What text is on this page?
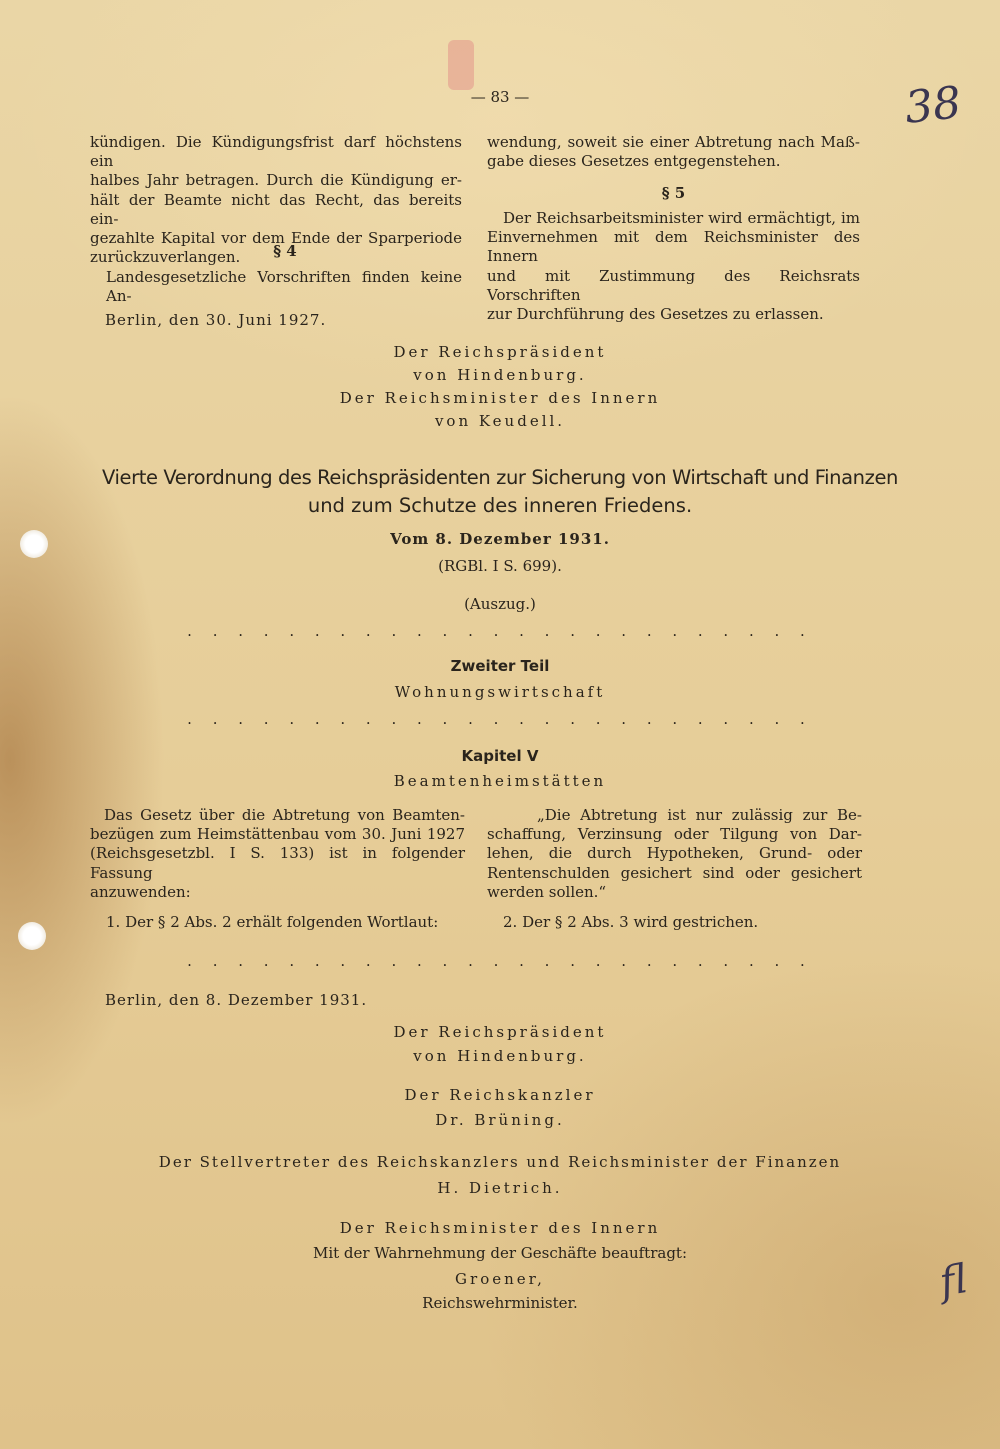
— 83 —	38
kündigen. Die Kündigungsfrist darf höchstens ein
halbes Jahr betragen. Durch die Kündigung er-
hält der Beamte nicht das Recht, das bereits ein-
gezahlte Kapital vor dem Ende der Sparperiode
zurückzuverlangen.	§ 4
Landesgesetzliche Vorschriften finden keine An-
wendung, soweit sie einer Abtretung nach Maß-
gabe dieses Gesetzes entgegenstehen.
§ 5
Der Reichsarbeitsminister wird ermächtigt, im
Einvernehmen mit dem Reichsminister des Innern
und mit Zustimmung des Reichsrats Vorschriften
zur Durchführung des Gesetzes zu erlassen.
Berlin, den 30. Juni 1927.
Der Reichspräsident
von Hindenburg.
Der Reichsminister des Innern
von Keudell.
Vierte Verordnung des Reichspräsidenten zur Sicherung von Wirtschaft und Finanzen
und zum Schutze des inneren Friedens.
Vom 8. Dezember 1931.
(RGBl. I S. 699).
(Auszug.)
. . . . . . . . . . . . . . . . . . . . . . . . .
Zweiter Teil
Wohnungswirtschaft
. . . . . . . . . . . . . . . . . . . . . . . . .
Kapitel V
Beamtenheimstätten
Das Gesetz über die Abtretung von Beamten-
bezügen zum Heimstättenbau vom 30. Juni 1927
(Reichsgesetzbl. I S. 133) ist in folgender Fassung
anzuwenden:
1. Der § 2 Abs. 2 erhält folgenden Wortlaut:
„Die Abtretung ist nur zulässig zur Be-
schaffung, Verzinsung oder Tilgung von Dar-
lehen, die durch Hypotheken, Grund- oder
Rentenschulden gesichert sind oder gesichert
werden sollen.“
2. Der § 2 Abs. 3 wird gestrichen.
. . . . . . . . . . . . . . . . . . . . . . . . .
Berlin, den 8. Dezember 1931.
Der Reichspräsident
von Hindenburg.
Der Reichskanzler
Dr. Brüning.
Der Stellvertreter des Reichskanzlers und Reichsminister der Finanzen
H. Dietrich.
Der Reichsminister des Innern
Mit der Wahrnehmung der Geschäfte beauftragt:
Groener,
Reichswehrminister.	fl
